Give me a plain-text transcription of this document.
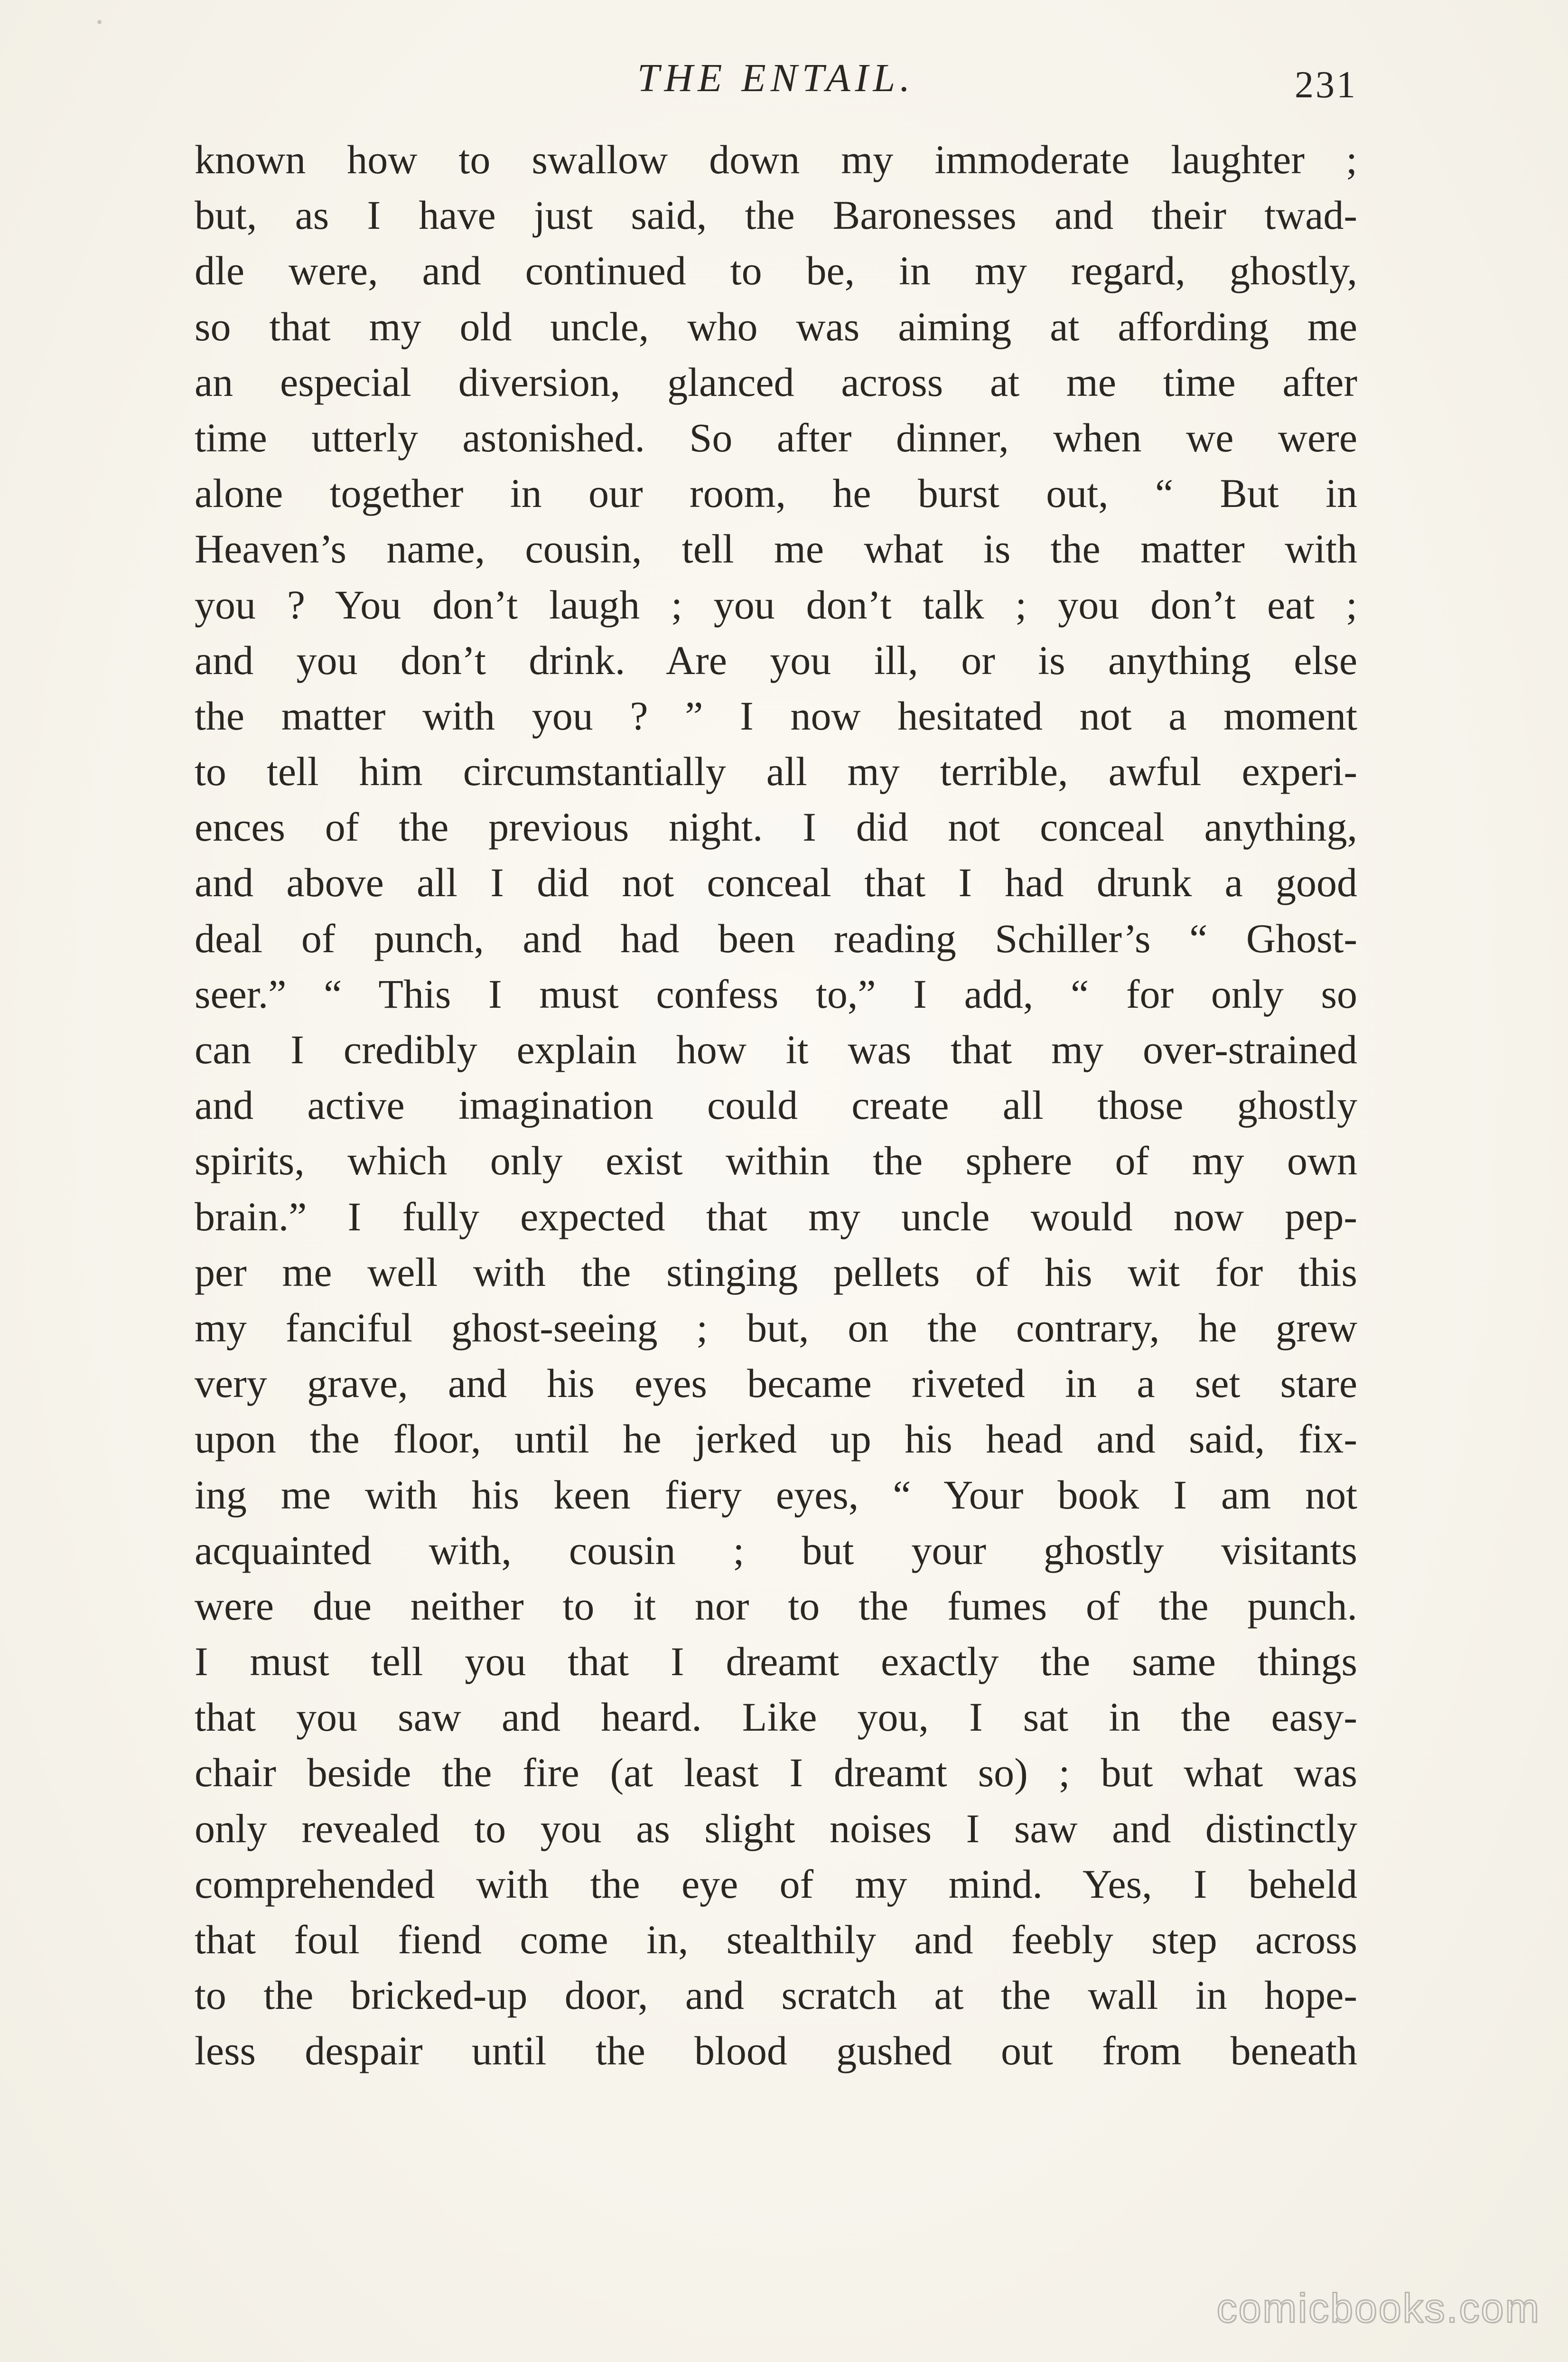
THE ENTAIL.	231
known how to swallow down my immoderate laughter ;
but, as I have just said, the Baronesses and their twad-
dle were, and continued to be, in my regard, ghostly,
so that my old uncle, who was aiming at affording me
an especial diversion, glanced across at me time after
time utterly astonished. So after dinner, when we were
alone together in our room, he burst out, “ But in
Heaven’s name, cousin, tell me what is the matter with
you ? You don’t laugh ; you don’t talk ; you don’t eat ;
and you don’t drink. Are you ill, or is anything else
the matter with you ? ” I now hesitated not a moment
to tell him circumstantially all my terrible, awful experi-
ences of the previous night. I did not conceal anything,
and above all I did not conceal that I had drunk a good
deal of punch, and had been reading Schiller’s “ Ghost-
seer.” “ This I must confess to,” I add, “ for only so
can I credibly explain how it was that my over-strained
and active imagination could create all those ghostly
spirits, which only exist within the sphere of my own
brain.” I fully expected that my uncle would now pep-
per me well with the stinging pellets of his wit for this
my fanciful ghost-seeing ; but, on the contrary, he grew
very grave, and his eyes became riveted in a set stare
upon the floor, until he jerked up his head and said, fix-
ing me with his keen fiery eyes, “ Your book I am not
acquainted with, cousin ; but your ghostly visitants
were due neither to it nor to the fumes of the punch.
I must tell you that I dreamt exactly the same things
that you saw and heard. Like you, I sat in the easy-
chair beside the fire (at least I dreamt so) ; but what was
only revealed to you as slight noises I saw and distinctly
comprehended with the eye of my mind. Yes, I beheld
that foul fiend come in, stealthily and feebly step across
to the bricked-up door, and scratch at the wall in hope-
less despair until the blood gushed out from beneath
comicbooks.com
